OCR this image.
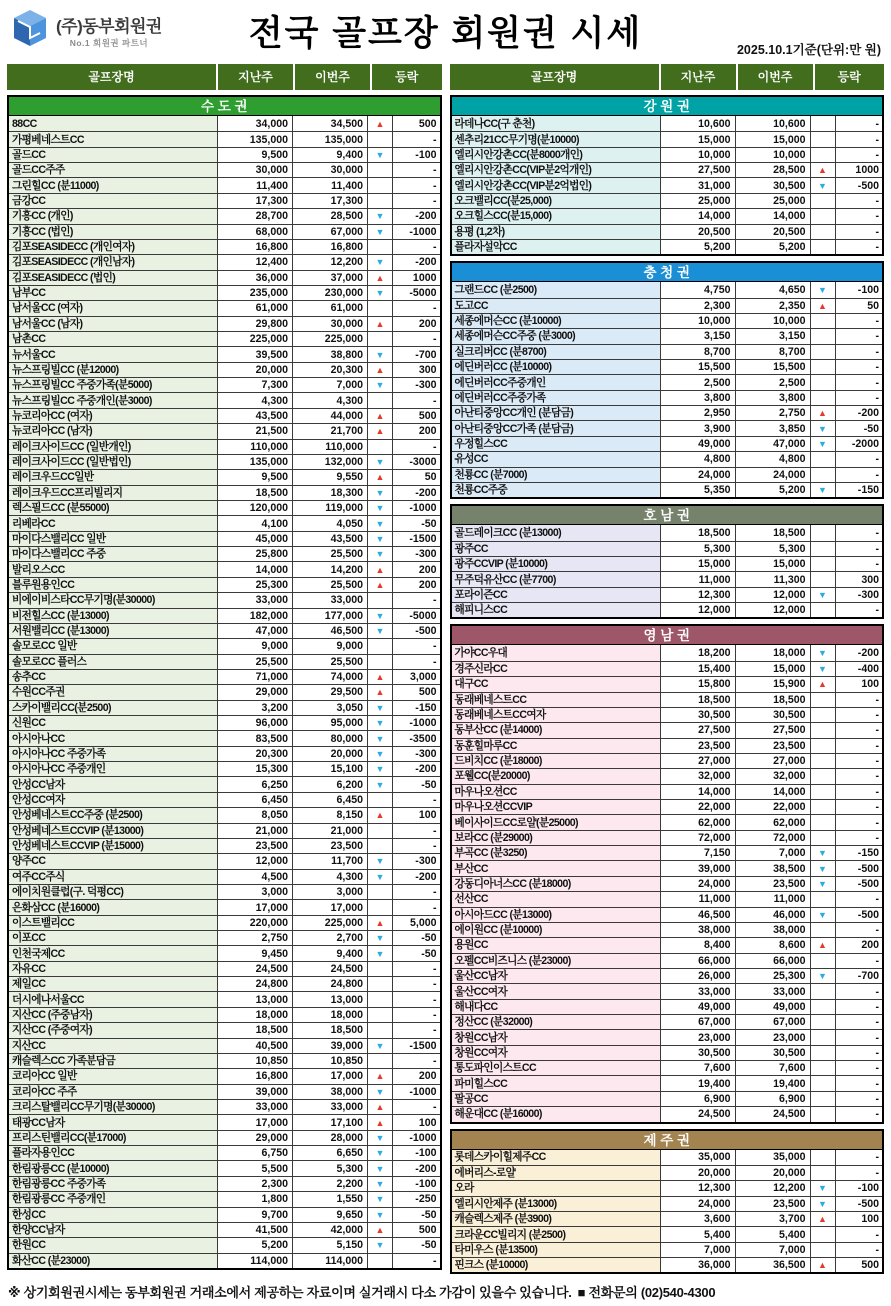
(주)동부회원권
No.1 회원권 파트너	전국 골프장 회원권 시세	2025.10.1기준(단위:만 원)
골프장명	지난주	이번주	등락
수 도 권
88CC	34,000	34,500	▲	500
가평베네스트CC	135,000	135,000	-
골드CC	9,500	9,400	▼	-100
골드CC주주	30,000	30,000	-
그린힐CC (분11000)	11,400	11,400	-
금강CC	17,300	17,300	-
기흥CC (개인)	28,700	28,500	▼	-200
기흥CC (법인)	68,000	67,000	▼	-1000
김포SEASIDECC (개인여자)	16,800	16,800	-
김포SEASIDECC (개인남자)	12,400	12,200	▼	-200
김포SEASIDECC (법인)	36,000	37,000	▲	1000
남부CC	235,000	230,000	▼	-5000
남서울CC (여자)	61,000	61,000	-
남서울CC (남자)	29,800	30,000	▲	200
남촌CC	225,000	225,000	-
뉴서울CC	39,500	38,800	▼	-700
뉴스프링빌CC (분12000)	20,000	20,300	▲	300
뉴스프링빌CC 주중가족(분5000)	7,300	7,000	▼	-300
뉴스프링빌CC 주중개인(분3000)	4,300	4,300	-
뉴코리아CC (여자)	43,500	44,000	▲	500
뉴코리아CC (남자)	21,500	21,700	▲	200
레이크사이드CC (일반개인)	110,000	110,000	-
레이크사이드CC (일반법인)	135,000	132,000	▼	-3000
레이크우드CC일반	9,500	9,550	▲	50
레이크우드CC프리빌리지	18,500	18,300	▼	-200
렉스필드CC (분55000)	120,000	119,000	▼	-1000
리베라CC	4,100	4,050	▼	-50
마이다스밸리CC 일반	45,000	43,500	▼	-1500
마이다스밸리CC 주중	25,800	25,500	▼	-300
발리오스CC	14,000	14,200	▲	200
블루원용인CC	25,300	25,500	▲	200
비에이비스타CC무기명(분30000)	33,000	33,000	-
비전힐스CC (분13000)	182,000	177,000	▼	-5000
서원밸리CC (분13000)	47,000	46,500	▼	-500
솔모로CC 일반	9,000	9,000	-
솔모로CC 플러스	25,500	25,500	-
송추CC	71,000	74,000	▲	3,000
수원CC주권	29,000	29,500	▲	500
스카이밸리CC(분2500)	3,200	3,050	▼	-150
신원CC	96,000	95,000	▼	-1000
아시아나CC	83,500	80,000	▼	-3500
아시아나CC 주중가족	20,300	20,000	▼	-300
아시아나CC 주중개인	15,300	15,100	▼	-200
안성CC남자	6,250	6,200	▼	-50
안성CC여자	6,450	6,450	-
안성베네스트CC주중 (분2500)	8,050	8,150	▲	100
안성베네스트CCVIP (분13000)	21,000	21,000	-
안성베네스트CCVIP (분15000)	23,500	23,500	-
양주CC	12,000	11,700	▼	-300
여주CC주식	4,500	4,300	▼	-200
에이치원클럽(구. 덕평CC)	3,000	3,000	-
은화삼CC (분16000)	17,000	17,000	-
이스트밸리CC	220,000	225,000	▲	5,000
이포CC	2,750	2,700	▼	-50
인천국제CC	9,450	9,400	▼	-50
자유CC	24,500	24,500	-
제일CC	24,800	24,800	-
더시에나서울CC	13,000	13,000	-
지산CC (주중남자)	18,000	18,000	-
지산CC (주중여자)	18,500	18,500	-
지산CC	40,500	39,000	▼	-1500
캐슬렉스CC 가족분담금	10,850	10,850	-
코리아CC 일반	16,800	17,000	▲	200
코리아CC 주주	39,000	38,000	▼	-1000
크리스탈밸리CC무기명(분30000)	33,000	33,000	▲	-
태광CC남자	17,000	17,100	▲	100
프리스틴밸리CC(분17000)	29,000	28,000	▼	-1000
플라자용인CC	6,750	6,650	▼	-100
한림광릉CC (분10000)	5,500	5,300	▼	-200
한림광릉CC 주중가족	2,300	2,200	▼	-100
한림광릉CC 주중개인	1,800	1,550	▼	-250
한성CC	9,700	9,650	▼	-50
한양CC남자	41,500	42,000	▲	500
한원CC	5,200	5,150	▼	-50
화산CC (분23000)	114,000	114,000	-
골프장명	지난주	이번주	등락
강 원 권
라데나CC(구 춘천)	10,600	10,600	-
센추리21CC무기명(분10000)	15,000	15,000	-
엘리시안강촌CC(분8000개인)	10,000	10,000	-
엘리시안강촌CC(VIP분2억개인)	27,500	28,500	▲	1000
엘리시안강촌CC(VIP분2억법인)	31,000	30,500	▼	-500
오크밸리CC(분25,000)	25,000	25,000	-
오크힐스CC(분15,000)	14,000	14,000	-
용평 (1,2차)	20,500	20,500	-
플라자설악CC	5,200	5,200	-
충 청 권
그랜드CC (분2500)	4,750	4,650	▼	-100
도고CC	2,300	2,350	▲	50
세종에머슨CC (분10000)	10,000	10,000	-
세종에머슨CC주중 (분3000)	3,150	3,150	-
실크리버CC (분8700)	8,700	8,700	-
에딘버러CC (분10000)	15,500	15,500	-
에딘버러CC주중개인	2,500	2,500	-
에딘버러CC주중가족	3,800	3,800	-
아난티중앙CC개인 (분담금)	2,950	2,750	▲	-200
아난티중앙CC가족 (분담금)	3,900	3,850	▼	-50
우정힐스CC	49,000	47,000	▼	-2000
유성CC	4,800	4,800	-
천룡CC (분7000)	24,000	24,000	-
천룡CC주중	5,350	5,200	▼	-150
호 남 권
골드레이크CC (분13000)	18,500	18,500	-
광주CC	5,300	5,300	-
광주CCVIP (분10000)	15,000	15,000	-
무주덕유산CC (분7700)	11,000	11,300	300
포라이즌CC	12,300	12,000	▼	-300
해피니스CC	12,000	12,000	-
영 남 권
가야CC우대	18,200	18,000	▼	-200
경주신라CC	15,400	15,000	▼	-400
대구CC	15,800	15,900	▲	100
동래베네스트CC	18,500	18,500	-
동래베네스트CC여자	30,500	30,500	-
동부산CC (분14000)	27,500	27,500	-
동훈힐마루CC	23,500	23,500	-
드비치CC (분18000)	27,000	27,000	-
포웰CC(분20000)	32,000	32,000	-
마우나오션CC	14,000	14,000	-
마우나오션CCVIP	22,000	22,000	-
베이사이드CC로얄(분25000)	62,000	62,000	-
보라CC (분29000)	72,000	72,000	-
부곡CC (분3250)	7,150	7,000	▼	-150
부산CC	39,000	38,500	▼	-500
강동디아너스CC (분18000)	24,000	23,500	▼	-500
선산CC	11,000	11,000	-
아시아드CC (분13000)	46,500	46,000	▼	-500
에이원CC (분10000)	38,000	38,000	-
용원CC	8,400	8,600	▲	200
오펠CC비즈니스 (분23000)	66,000	66,000	-
울산CC남자	26,000	25,300	▼	-700
울산CC여자	33,000	33,000	-
해내다CC	49,000	49,000	-
정산CC (분32000)	67,000	67,000	-
창원CC남자	23,000	23,000	-
창원CC여자	30,500	30,500	-
통도파인이스트CC	7,600	7,600	-
파미힐스CC	19,400	19,400	-
팔공CC	6,900	6,900	-
해운대CC (분16000)	24,500	24,500	-
제 주 권
롯데스카이힐제주CC	35,000	35,000	-
에버리스-로얄	20,000	20,000	-
오라	12,300	12,200	▼	-100
엘리시안제주 (분13000)	24,000	23,500	▼	-500
캐슬렉스제주 (분3900)	3,600	3,700	▲	100
크라운CC빌리지 (분2500)	5,400	5,400	-
타미우스 (분13500)	7,000	7,000	-
핀크스 (분10000)	36,000	36,500	▲	500
※ 상기회원권시세는 동부회원권 거래소에서 제공하는 자료이며 실거래시 다소 가감이 있을수 있습니다. ■ 전화문의 (02)540-4300
